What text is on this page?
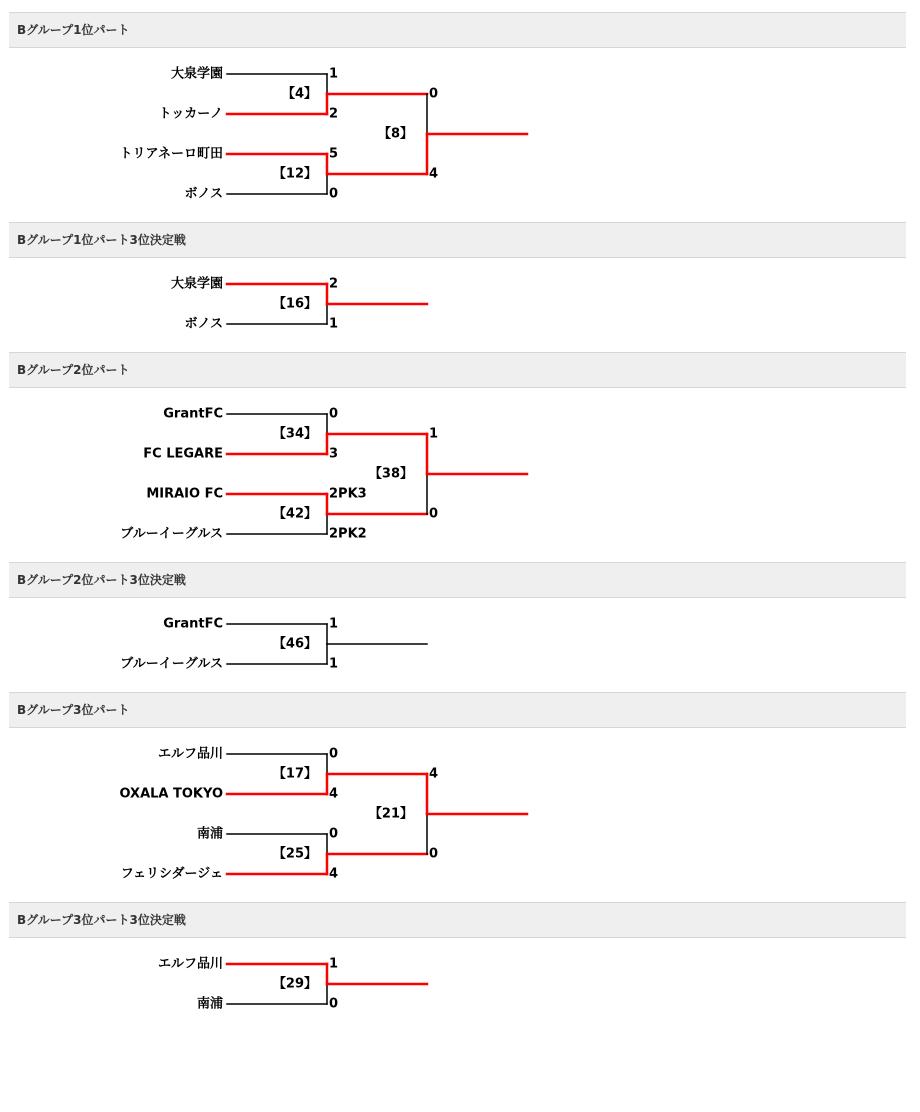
Bグループ1位パート
大泉学園
トッカーノ
1
2
【4】
トリアネーロ町田
ボノス
5
0
【12】
0
4
【8】
Bグループ1位パート3位決定戦
大泉学園
ボノス
2
1
【16】
Bグループ2位パート
GrantFC
FC LEGARE
0
3
【34】
MIRAIO FC
ブルーイーグルス
2PK3
2PK2
【42】
1
0
【38】
Bグループ2位パート3位決定戦
GrantFC
ブルーイーグルス
1
1
【46】
Bグループ3位パート
エルフ品川
OXALA TOKYO
0
4
【17】
南浦
フェリシダージェ
0
4
【25】
4
0
【21】
Bグループ3位パート3位決定戦
エルフ品川
南浦
1
0
【29】
